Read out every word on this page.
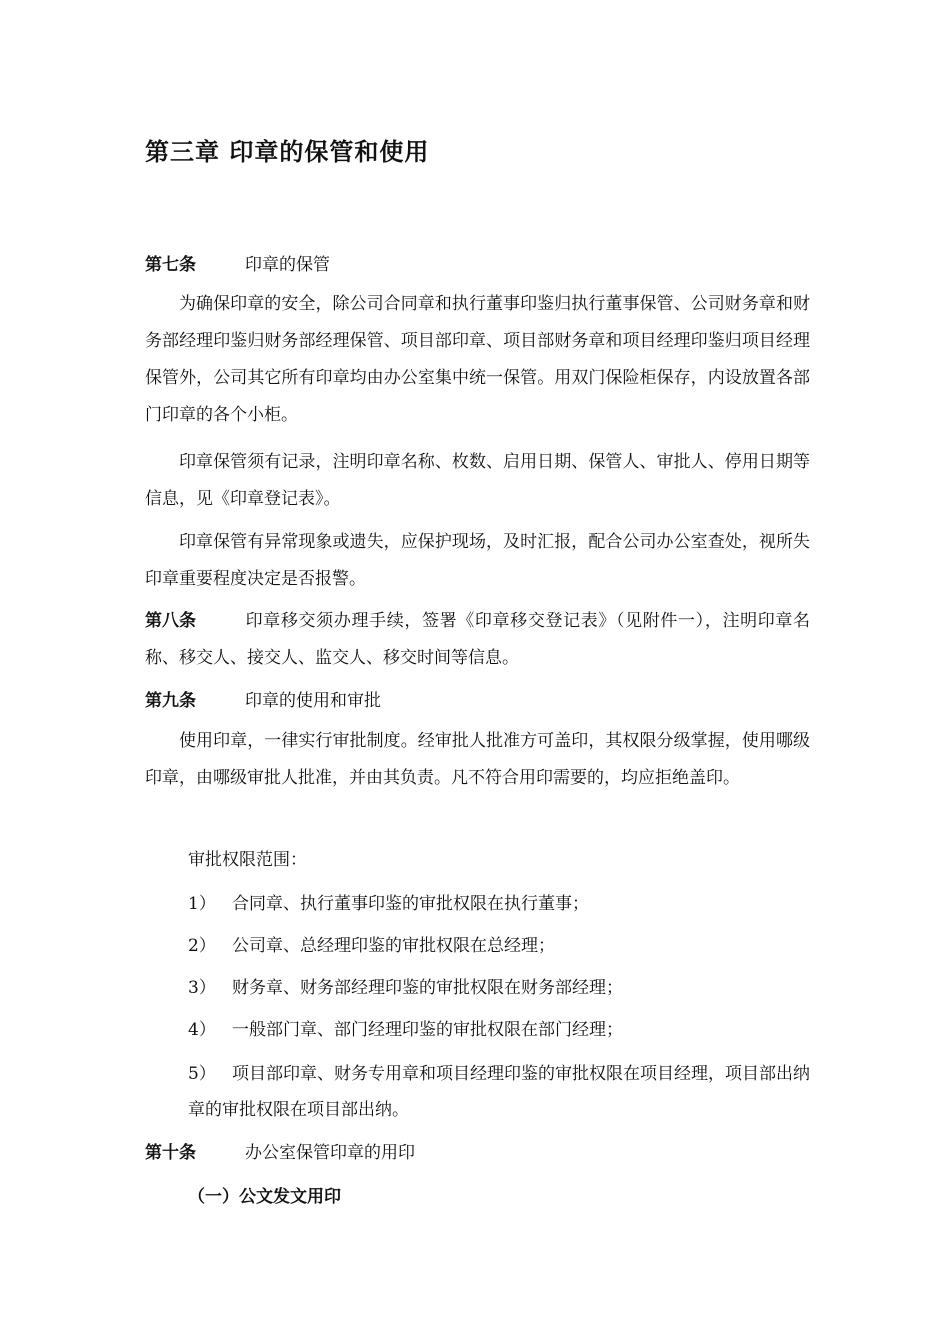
第三章 印章的保管和使用
第七条	印章的保管

为确保印章的安全，除公司合同章和执行董事印鉴归执行董事保管、公司财务章和财务部经理印鉴归财务部经理保管、项目部印章、项目部财务章和项目经理印鉴归项目经理保管外，公司其它所有印章均由办公室集中统一保管。用双门保险柜保存，内设放置各部门印章的各个小柜。

印章保管须有记录，注明印章名称、枚数、启用日期、保管人、审批人、停用日期等信息，见《印章登记表》。

印章保管有异常现象或遗失，应保护现场，及时汇报，配合公司办公室查处，视所失印章重要程度决定是否报警。

第八条	印章移交须办理手续，签署《印章移交登记表》（见附件一），注明印章名称、移交人、接交人、监交人、移交时间等信息。
第九条	印章的使用和审批

使用印章，一律实行审批制度。经审批人批准方可盖印，其权限分级掌握，使用哪级印章，由哪级审批人批准，并由其负责。凡不符合用印需要的，均应拒绝盖印。

审批权限范围：
1） 合同章、执行董事印鉴的审批权限在执行董事；
2） 公司章、总经理印鉴的审批权限在总经理；
3） 财务章、财务部经理印鉴的审批权限在财务部经理；
4） 一般部门章、部门经理印鉴的审批权限在部门经理；
5） 项目部印章、财务专用章和项目经理印鉴的审批权限在项目经理，项目部出纳章的审批权限在项目部出纳。
第十条	办公室保管印章的用印
（一）公文发文用印
